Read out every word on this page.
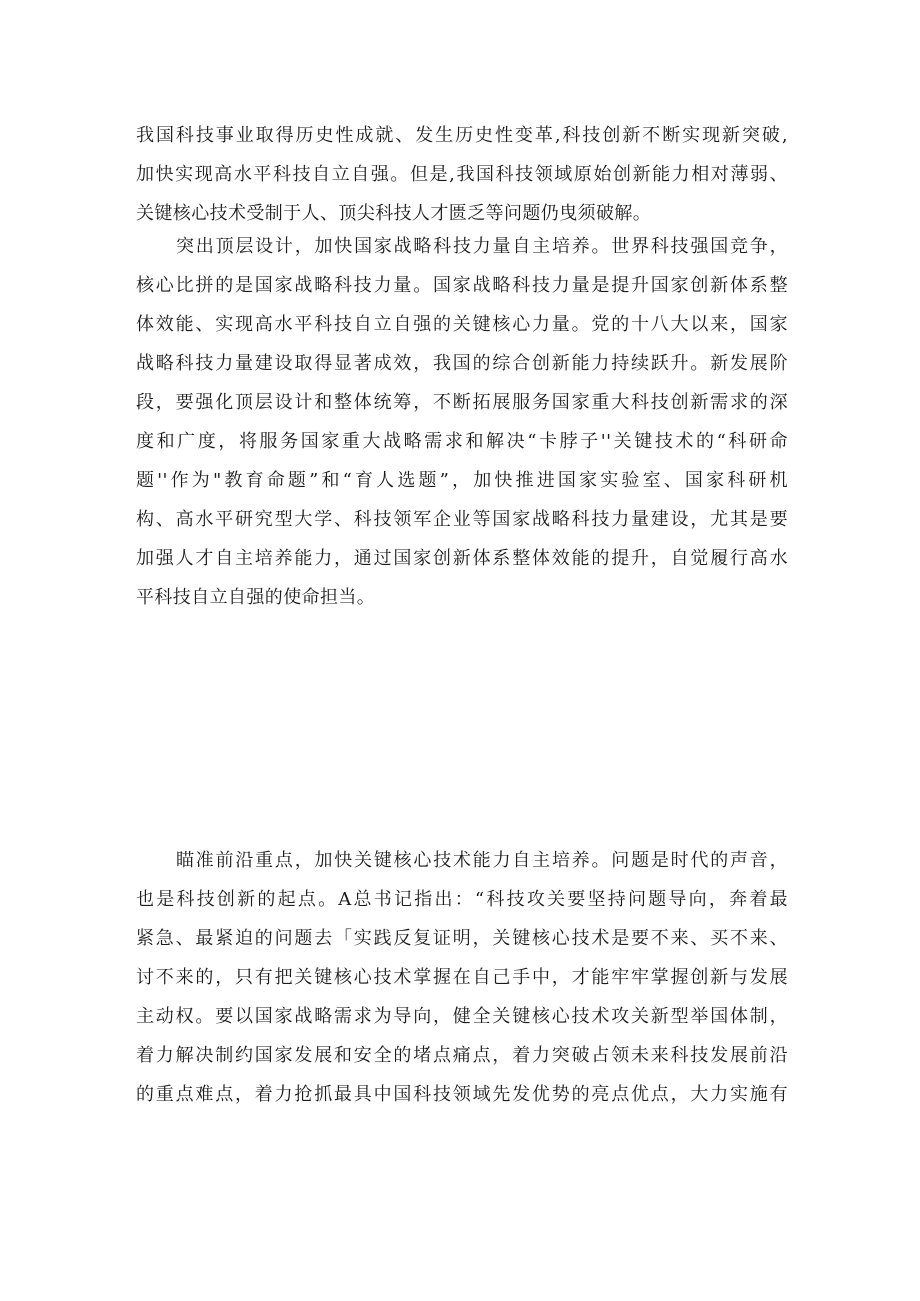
我国科技事业取得历史性成就、发生历史性变革,科技创新不断实现新突破,
加快实现高水平科技自立自强。但是,我国科技领域原始创新能力相对薄弱、
关键核心技术受制于人、顶尖科技人才匮乏等问题仍曳须破解。
突出顶层设计，加快国家战略科技力量自主培养。世界科技强国竞争，
核心比拼的是国家战略科技力量。国家战略科技力量是提升国家创新体系整
体效能、实现高水平科技自立自强的关键核心力量。党的十八大以来，国家
战略科技力量建设取得显著成效，我国的综合创新能力持续跃升。新发展阶
段，要强化顶层设计和整体统筹，不断拓展服务国家重大科技创新需求的深
度和广度，将服务国家重大战略需求和解决“卡脖子''关键技术的“科研命
题''作为"教育命题”和“育人选题”，加快推进国家实验室、国家科研机
构、高水平研究型大学、科技领军企业等国家战略科技力量建设，尤其是要
加强人才自主培养能力，通过国家创新体系整体效能的提升，自觉履行高水
平科技自立自强的使命担当。
瞄准前沿重点，加快关键核心技术能力自主培养。问题是时代的声音，
也是科技创新的起点。A总书记指出：“科技攻关要坚持问题导向，奔着最
紧急、最紧迫的问题去「实践反复证明，关键核心技术是要不来、买不来、
讨不来的，只有把关键核心技术掌握在自己手中，才能牢牢掌握创新与发展
主动权。要以国家战略需求为导向，健全关键核心技术攻关新型举国体制，
着力解决制约国家发展和安全的堵点痛点，着力突破占领未来科技发展前沿
的重点难点，着力抢抓最具中国科技领域先发优势的亮点优点，大力实施有
